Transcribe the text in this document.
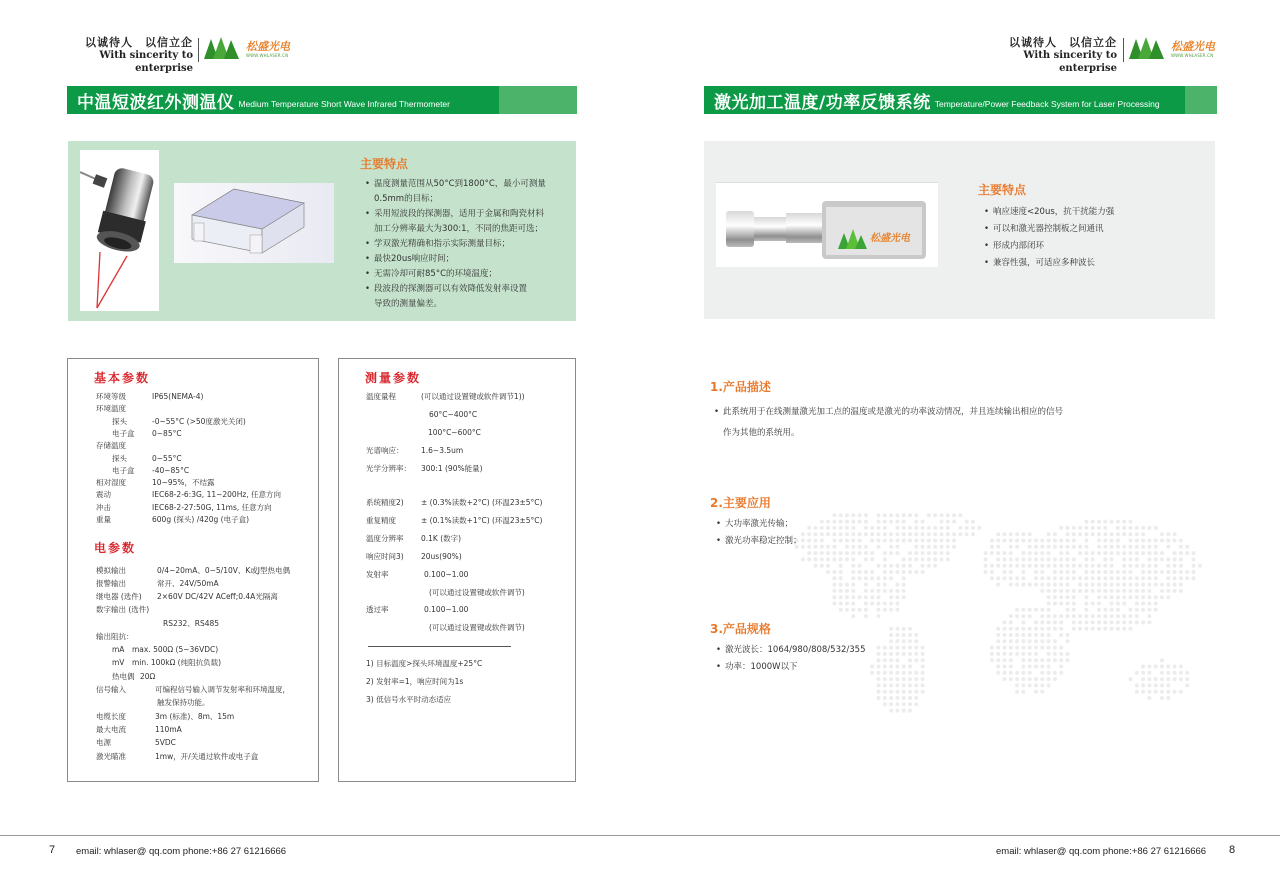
以诚待人　以信立企
With sincerity to enterprise
松盛光电
WWW.WHLASER.CN
中温短波红外测温仪 Medium Temperature Short Wave Infrared Thermometer
主要特点
• 温度测量范围从50°C到1800°C，最小可测量
0.5mm的目标；
• 采用短波段的探测器，适用于金属和陶瓷材料
加工分辨率最大为300:1，不同的焦距可选；
• 学双激光精确和指示实际测量目标；
• 最快20us响应时间；
• 无需冷却可耐85°C的环境温度；
• 段波段的探测器可以有效降低发射率设置
导致的测量偏差。
基本参数
环境等级	IP65(NEMA-4)
环境温度
探头	-0~55°C (>50度激光关闭)
电子盒 0~85°C
存储温度
探头	0~55°C
电子盒 -40~85°C
相对湿度	10~95%，不结露
震动	IEC68-2-6:3G, 11~200Hz, 任意方向
冲击	IEC68-2-27:50G, 11ms, 任意方向
重量	600g (探头) /420g (电子盒)
电参数
模拟输出	0/4~20mA、0~5/10V、K或J型热电偶
报警输出	常开、24V/50mA
继电器 (选件) 2×60V DC/42V ACeff;0.4A光隔离
数字输出 (选件)
RS232、RS485
输出阻抗：
mA max. 500Ω (5~36VDC)
mV min. 100kΩ (纯阻抗负载)
热电偶 20Ω
信号输入	可编程信号输入调节发射率和环境温度，
触发保持功能。
电缆长度	3m (标准)、8m、15m
最大电流	110mA
电源	5VDC
激光瞄准	1mw，开/关通过软件或电子盒
测量参数
温度量程	(可以通过设置键或软件调节1))
60°C~400°C
100°C~600°C
光谱响应： 1.6~3.5um
光学分辨率： 300:1 (90%能量)
系统精度2) ± (0.3%读数+2°C) (环温23±5°C)
重复精度	± (0.1%读数+1°C) (环温23±5°C)
温度分辨率 0.1K (数字)
响应时间3) 20us(90%)
发射率	0.100~1.00
(可以通过设置键或软件调节)
透过率	0.100~1.00
(可以通过设置键或软件调节)
1) 目标温度>探头环境温度+25°C
2) 发射率=1，响应时间为1s
3) 低信号水平时动态适应
7 email: whlaser@ qq.com phone:+86 27 61216666
以诚待人　以信立企
With sincerity to enterprise
松盛光电
WWW.WHLASER.CN
激光加工温度/功率反馈系统 Temperature/Power Feedback System for Laser Processing
松盛光电
主要特点
• 响应速度<20us，抗干扰能力强
• 可以和激光器控制板之间通讯
• 形成内部闭环
• 兼容性强，可适应多种波长
1.产品描述
• 此系统用于在线测量激光加工点的温度或是激光的功率波动情况，并且连续输出相应的信号
作为其他的系统用。
2.主要应用
• 大功率激光传输；
• 激光功率稳定控制；
3.产品规格
• 激光波长：1064/980/808/532/355
• 功率：1000W以下
email: whlaser@ qq.com phone:+86 27 61216666 8
